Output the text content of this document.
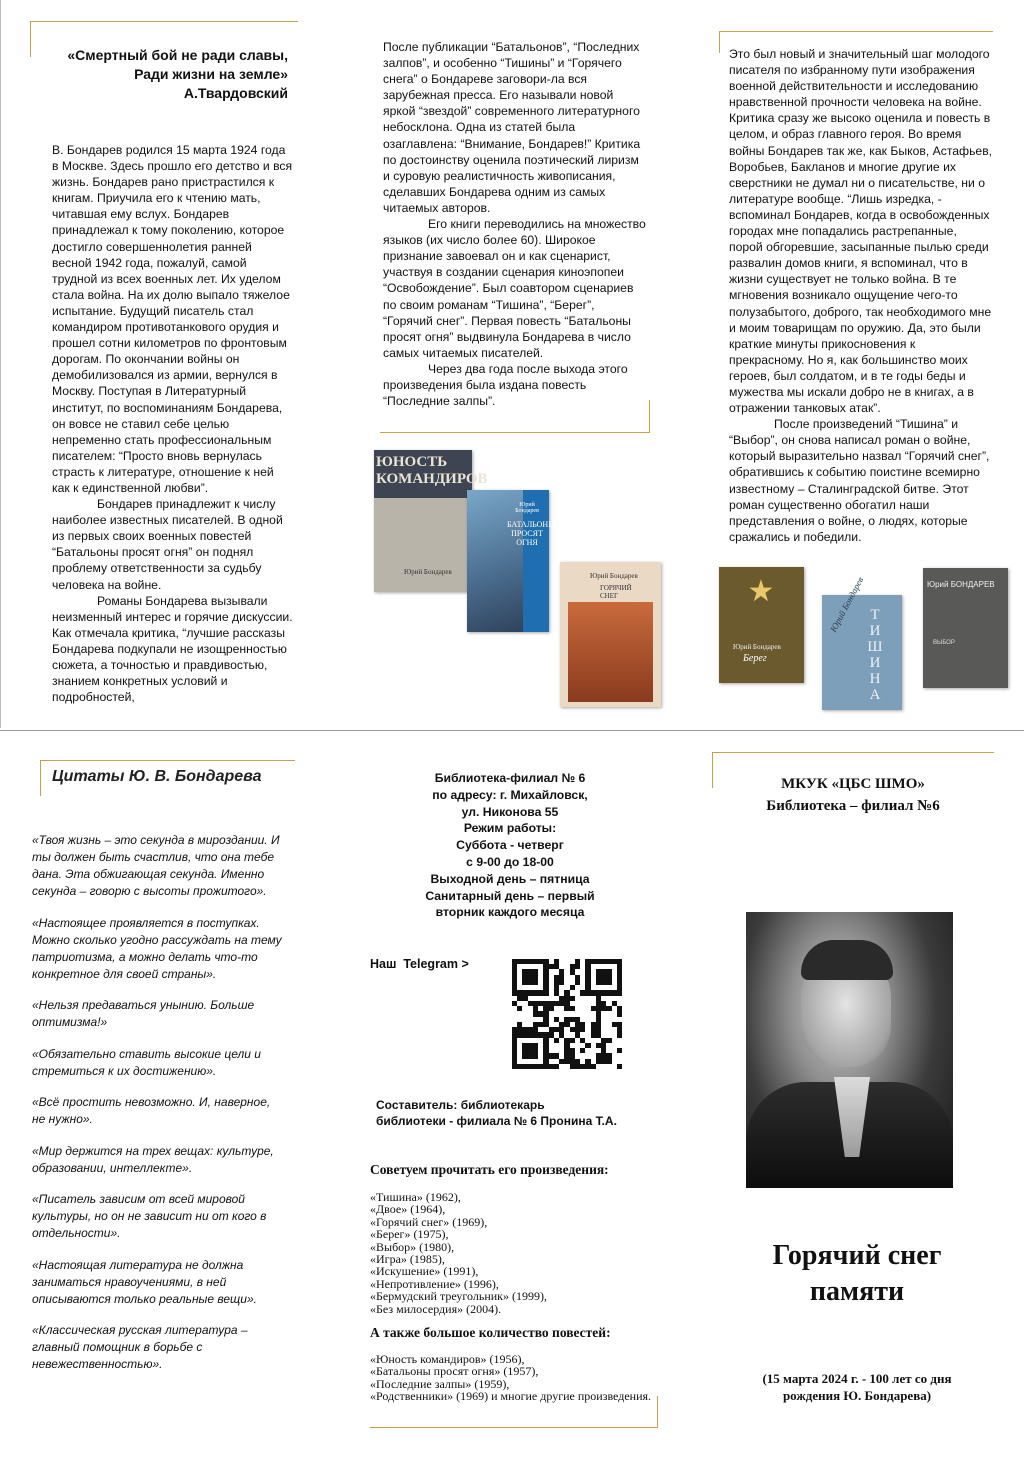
«Смертный бой не ради славы,
Ради жизни на земле»
А.Твардовский

В. Бондарев родился 15 марта 1924 года в Москве. Здесь прошло его детство и вся жизнь. Бондарев рано пристрастился к книгам. Приучила его к чтению мать, читавшая ему вслух. Бондарев принадлежал к тому поколению, которое достигло совершеннолетия ранней весной 1942 года, пожалуй, самой трудной из всех военных лет. Их уделом стала война. На их долю выпало тяжелое испытание. Будущий писатель стал командиром противотанкового орудия и прошел сотни километров по фронтовым дорогам. По окончании войны он демобилизовался из армии, вернулся в Москву. Поступая в Литературный институт, по воспоминаниям Бондарева, он вовсе не ставил себе целью непременно стать профессиональным писателем: “Просто вновь вернулась страсть к литературе, отношение к ней как к единственной любви”.

Бондарев принадлежит к числу наиболее известных писателей. В одной из первых своих военных повестей “Батальоны просят огня” он поднял проблему ответственности за судьбу человека на войне.

Романы Бондарева вызывали неизменный интерес и горячие дискуссии. Как отмечала критика, “лучшие рассказы Бондарева подкупали не изощренностью сюжета, а точностью и правдивостью, знанием конкретных условий и подробностей,

После публикации “Батальонов”, “Последних залпов”, и особенно “Тишины” и “Горячего снега” о Бондареве заговори-ла вся зарубежная пресса. Его называли новой яркой “звездой” современного литературного небосклона. Одна из статей была озаглавлена: “Внимание, Бондарев!” Критика по достоинству оценила поэтический лиризм и суровую реалистичность живописания, сделавших Бондарева одним из самых читаемых авторов.

Его книги переводились на множество языков (их число более 60). Широкое признание завоевал он и как сценарист, участвуя в создании сценария киноэпопеи “Освобождение”. Был соавтором сценариев по своим романам “Тишина”, “Берег”, “Горячий снег”. Первая повесть “Батальоны просят огня” выдвинула Бондарева в число самых читаемых писателей.

Через два года после выхода этого произведения была издана повесть “Последние залпы”.

ЮНОСТЬ КОМАНДИРОВ
Юрий Бондарев
БАТАЛЬОНЫ ПРОСЯТ ОГНЯ
Юрий Бондарев
Юрий Бондарев
ГОРЯЧИЙ СНЕГ

Это был новый и значительный шаг молодого писателя по избранному пути изображения военной действительности и исследованию нравственной прочности человека на войне. Критика сразу же высоко оценила и повесть в целом, и образ главного героя. Во время войны Бондарев так же, как Быков, Астафьев, Воробьев, Бакланов и многие другие их сверстники не думал ни о писательстве, ни о литературе вообще. “Лишь изредка, - вспоминал Бондарев, когда в освобожденных городах мне попадались растрепанные, порой обгоревшие, засыпанные пылью среди развалин домов книги, я вспоминал, что в жизни существует не только война. В те мгновения возникало ощущение чего-то полузабытого, доброго, так необходимого мне и моим товарищам по оружию. Да, это были краткие минуты прикосновения к прекрасному. Но я, как большинство моих героев, был солдатом, и в те годы беды и мужества мы искали добро не в книгах, а в отражении танковых атак”.

После произведений “Тишина” и “Выбор”, он снова написал роман о войне, который выразительно назвал “Горячий снег”, обратившись к событию поистине всемирно известному – Сталинградской битве. Этот роман существенно обогатил наши представления о войне, о людях, которые сражались и победили.

★
Юрий Бондарев
Берег
Юрий Бондарев ТИШИНА
Юрий БОНДАРЕВ
ВЫБОР
Цитаты Ю. В. Бондарева

«Твоя жизнь – это секунда в мироздании. И ты должен быть счастлив, что она тебе дана. Эта обжигающая секунда. Именно секунда – говорю с высоты прожитого».

«Настоящее проявляется в поступках. Можно сколько угодно рассуждать на тему патриотизма, а можно делать что-то конкретное для своей страны».

«Нельзя предаваться унынию. Больше оптимизма!»

«Обязательно ставить высокие цели и стремиться к их достижению».

«Всё простить невозможно. И, наверное, не нужно».

«Мир держится на трех вещах: культуре, образовании, интеллекте».

«Писатель зависим от всей мировой культуры, но он не зависит ни от кого в отдельности».

«Настоящая литература не должна заниматься нравоучениями, в ней описываются только реальные вещи».

«Классическая русская литература – главный помощник в борьбе с невежественностью».

Библиотека-филиал № 6
по адресу: г. Михайловск,
ул. Никонова 55
Режим работы:
Суббота - четверг
с 9-00 до 18-00
Выходной день – пятница
Санитарный день – первый
вторник каждого месяца
Наш  Telegram >
Составитель: библиотекарь
библиотеки - филиала № 6 Пронина Т.А.
Советуем прочитать его произведения:
«Тишина» (1962),
«Двое» (1964),
«Горячий снег» (1969),
«Берег» (1975),
«Выбор» (1980),
«Игра» (1985),
«Искушение» (1991),
«Непротивление» (1996),
«Бермудский треугольник» (1999),
«Без милосердия» (2004).
А также большое количество повестей:
«Юность командиров» (1956),
«Батальоны просят огня» (1957),
«Последние залпы» (1959),
«Родственники» (1969) и многие другие произведения.
МКУК «ЦБС ШМО»
Библиотека – филиал №6
Горячий снег
памяти
(15 марта 2024 г. - 100 лет со дня
рождения Ю. Бондарева)
